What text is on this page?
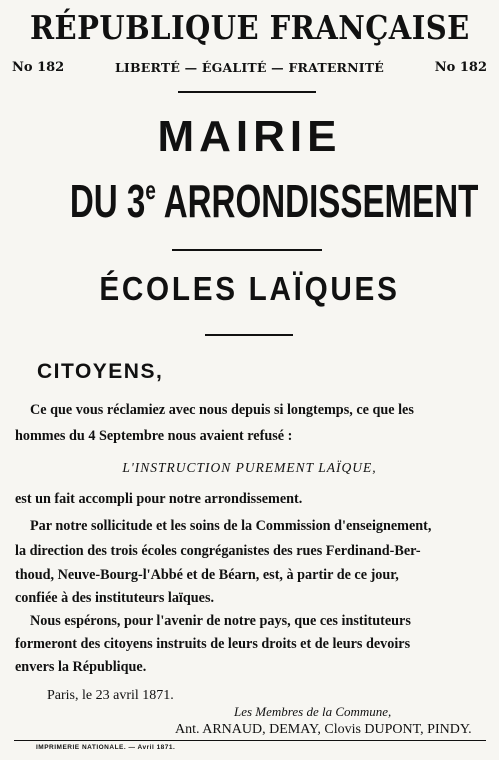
RÉPUBLIQUE FRANÇAISE
No 182	LIBERTÉ — ÉGALITÉ — FRATERNITÉ	No 182
MAIRIE
DU 3e ARRONDISSEMENT
ÉCOLES LAÏQUES
CITOYENS,
Ce que vous réclamiez avec nous depuis si longtemps, ce que les
hommes du 4 Septembre nous avaient refusé :
L'INSTRUCTION PUREMENT LAÏQUE,
est un fait accompli pour notre arrondissement.
Par notre sollicitude et les soins de la Commission d'enseignement,
la direction des trois écoles congréganistes des rues Ferdinand-Ber-
thoud, Neuve-Bourg-l'Abbé et de Béarn, est, à partir de ce jour,
confiée à des instituteurs laïques.
Nous espérons, pour l'avenir de notre pays, que ces instituteurs
formeront des citoyens instruits de leurs droits et de leurs devoirs
envers la République.
Paris, le 23 avril 1871.
Les Membres de la Commune,
Ant. ARNAUD, DEMAY, Clovis DUPONT, PINDY.
IMPRIMERIE NATIONALE. — Avril 1871.
